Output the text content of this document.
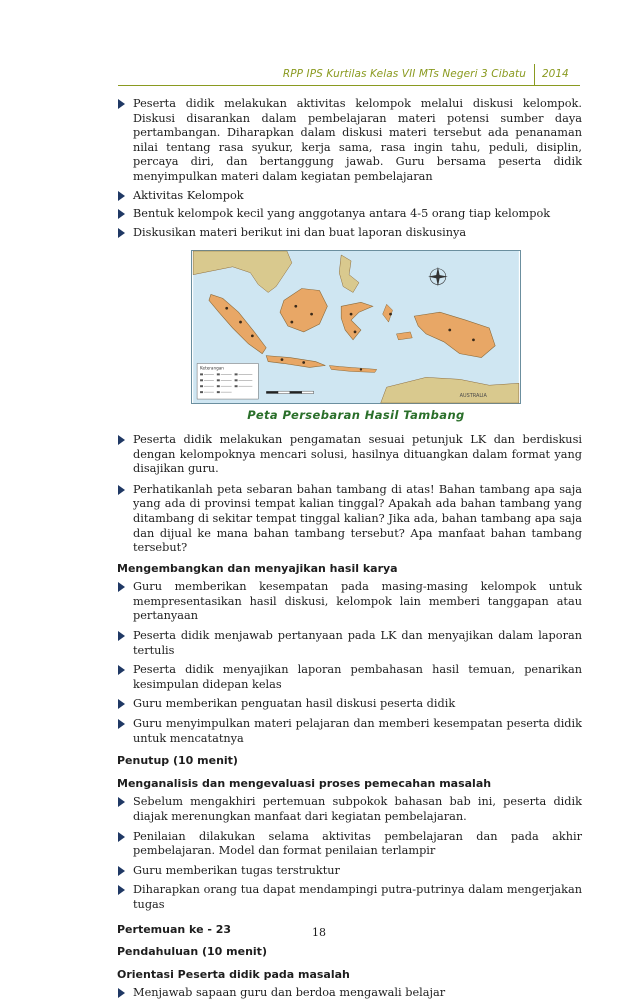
RPP IPS Kurtilas Kelas VII MTs Negeri 3 Cibatu 2014
Peserta didik melakukan aktivitas kelompok melalui diskusi kelompok. Diskusi disarankan dalam pembelajaran materi potensi sumber daya pertambangan. Diharapkan dalam diskusi materi tersebut ada penanaman nilai tentang rasa syukur, kerja sama, rasa ingin tahu, peduli, disiplin, percaya diri, dan bertanggung jawab. Guru bersama peserta didik menyimpulkan materi dalam kegiatan pembelajaran
Aktivitas Kelompok
Bentuk kelompok kecil yang anggotanya antara 4-5 orang tiap kelompok
Diskusikan materi berikut ini dan buat laporan diskusinya
AUSTRALIA
Keterangan
Peta Persebaran Hasil Tambang
Peserta didik melakukan pengamatan sesuai petunjuk LK dan berdiskusi dengan kelompoknya mencari solusi, hasilnya dituangkan dalam format yang disajikan guru.
Perhatikanlah peta sebaran bahan tambang di atas! Bahan tambang apa saja yang ada di provinsi tempat kalian tinggal? Apakah ada bahan tambang yang ditambang di sekitar tempat tinggal kalian? Jika ada, bahan tambang apa saja dan dijual ke mana bahan tambang tersebut? Apa manfaat bahan tambang tersebut?
Mengembangkan dan menyajikan hasil karya
Guru memberikan kesempatan pada masing-masing kelompok untuk mempresentasikan hasil diskusi, kelompok lain memberi tanggapan atau pertanyaan
Peserta didik menjawab pertanyaan pada LK dan menyajikan dalam laporan tertulis
Peserta didik menyajikan laporan pembahasan hasil temuan, penarikan kesimpulan didepan kelas
Guru memberikan penguatan hasil diskusi peserta didik
Guru menyimpulkan materi pelajaran dan memberi kesempatan peserta didik untuk mencatatnya
Penutup (10 menit)
Menganalisis dan mengevaluasi proses pemecahan masalah
Sebelum mengakhiri pertemuan subpokok bahasan bab ini, peserta didik diajak merenungkan manfaat dari kegiatan pembelajaran.
Penilaian dilakukan selama aktivitas pembelajaran dan pada akhir pembelajaran. Model dan format penilaian terlampir
Guru memberikan tugas terstruktur
Diharapkan orang tua dapat mendampingi putra-putrinya dalam mengerjakan tugas
Pertemuan ke - 23
Pendahuluan (10 menit)
Orientasi Peserta didik pada masalah
Menjawab sapaan guru dan berdoa mengawali belajar
18
